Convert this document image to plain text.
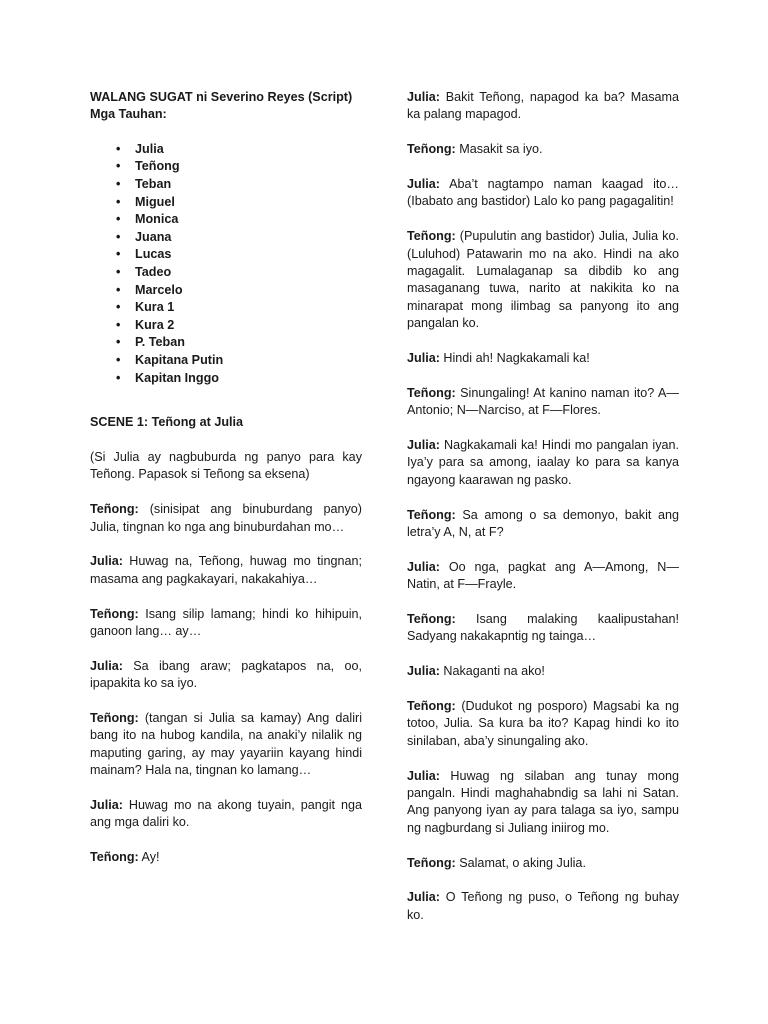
WALANG SUGAT ni Severino Reyes (Script)
Mga Tauhan:
• Julia
• Teñong
• Teban
• Miguel
• Monica
• Juana
• Lucas
• Tadeo
• Marcelo
• Kura 1
• Kura 2
• P. Teban
• Kapitana Putin
• Kapitan Inggo

SCENE 1: Teñong at Julia

(Si Julia ay nagbuburda ng panyo para kay Teñong. Papasok si Teñong sa eksena)

Teñong: (sinisipat ang binuburdang panyo) Julia, tingnan ko nga ang binuburdahan mo…

Julia: Huwag na, Teñong, huwag mo tingnan; masama ang pagkakayari, nakakahiya…

Teñong: Isang silip lamang; hindi ko hihipuin, ganoon lang… ay…

Julia: Sa ibang araw; pagkatapos na, oo, ipapakita ko sa iyo.

Teñong: (tangan si Julia sa kamay) Ang daliri bang ito na hubog kandila, na anaki’y nilalik ng maputing garing, ay may yayariin kayang hindi mainam? Hala na, tingnan ko lamang…

Julia: Huwag mo na akong tuyain, pangit nga ang mga daliri ko.

Teñong: Ay!

Julia: Bakit Teñong, napagod ka ba? Masama ka palang mapagod.

Teñong: Masakit sa iyo.

Julia: Aba’t nagtampo naman kaagad ito…(Ibabato ang bastidor) Lalo ko pang pagagalitin!

Teñong: (Pupulutin ang bastidor) Julia, Julia ko. (Luluhod) Patawarin mo na ako. Hindi na ako magagalit. Lumalaganap sa dibdib ko ang masaganang tuwa, narito at nakikita ko na minarapat mong ilimbag sa panyong ito ang pangalan ko.

Julia: Hindi ah! Nagkakamali ka!

Teñong: Sinungaling! At kanino naman ito? A—Antonio; N—Narciso, at F—Flores.

Julia: Nagkakamali ka! Hindi mo pangalan iyan. Iya’y para sa among, iaalay ko para sa kanya ngayong kaarawan ng pasko.

Teñong: Sa among o sa demonyo, bakit ang letra’y A, N, at F?

Julia: Oo nga, pagkat ang A—Among, N—Natin, at F—Frayle.

Teñong: Isang malaking kaalipustahan! Sadyang nakakapntig ng tainga…

Julia: Nakaganti na ako!

Teñong: (Dudukot ng posporo) Magsabi ka ng totoo, Julia. Sa kura ba ito? Kapag hindi ko ito sinilaban, aba’y sinungaling ako.

Julia: Huwag ng silaban ang tunay mong pangaln. Hindi maghahabndig sa lahi ni Satan. Ang panyong iyan ay para talaga sa iyo, sampu ng nagburdang si Juliang iniirog mo.

Teñong: Salamat, o aking Julia.

Julia: O Teñong ng puso, o Teñong ng buhay ko.
